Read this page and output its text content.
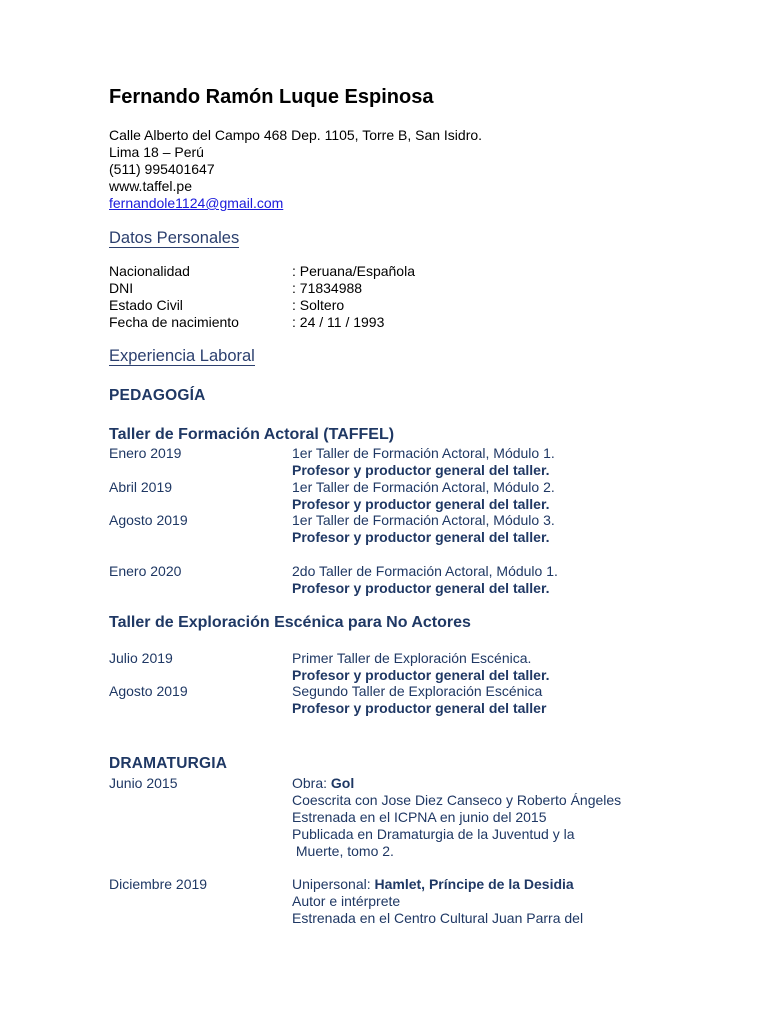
Fernando Ramón Luque Espinosa
Calle Alberto del Campo 468 Dep. 1105, Torre B, San Isidro.
Lima 18 – Perú
(511) 995401647
www.taffel.pe
fernandole1124@gmail.com
Datos Personales
Nacionalidad	: Peruana/Española
DNI	: 71834988
Estado Civil	: Soltero
Fecha de nacimiento	: 24 / 11 / 1993
Experiencia Laboral
PEDAGOGÍA
Taller de Formación Actoral (TAFFEL)
Enero 2019	1er Taller de Formación Actoral, Módulo 1.
Profesor y productor general del taller.
Abril 2019	1er Taller de Formación Actoral, Módulo 2.
Profesor y productor general del taller.
Agosto 2019	1er Taller de Formación Actoral, Módulo 3.
Profesor y productor general del taller.
Enero 2020	2do Taller de Formación Actoral, Módulo 1.
Profesor y productor general del taller.
Taller de Exploración Escénica para No Actores
Julio 2019	Primer Taller de Exploración Escénica.
Profesor y productor general del taller.
Agosto 2019	Segundo Taller de Exploración Escénica
Profesor y productor general del taller
DRAMATURGIA
Junio 2015	Obra: Gol
Coescrita con Jose Diez Canseco y Roberto Ángeles
Estrenada en el ICPNA en junio del 2015
Publicada en Dramaturgia de la Juventud y la
Muerte, tomo 2.
Diciembre 2019	Unipersonal: Hamlet, Príncipe de la Desidia
Autor e intérprete
Estrenada en el Centro Cultural Juan Parra del
